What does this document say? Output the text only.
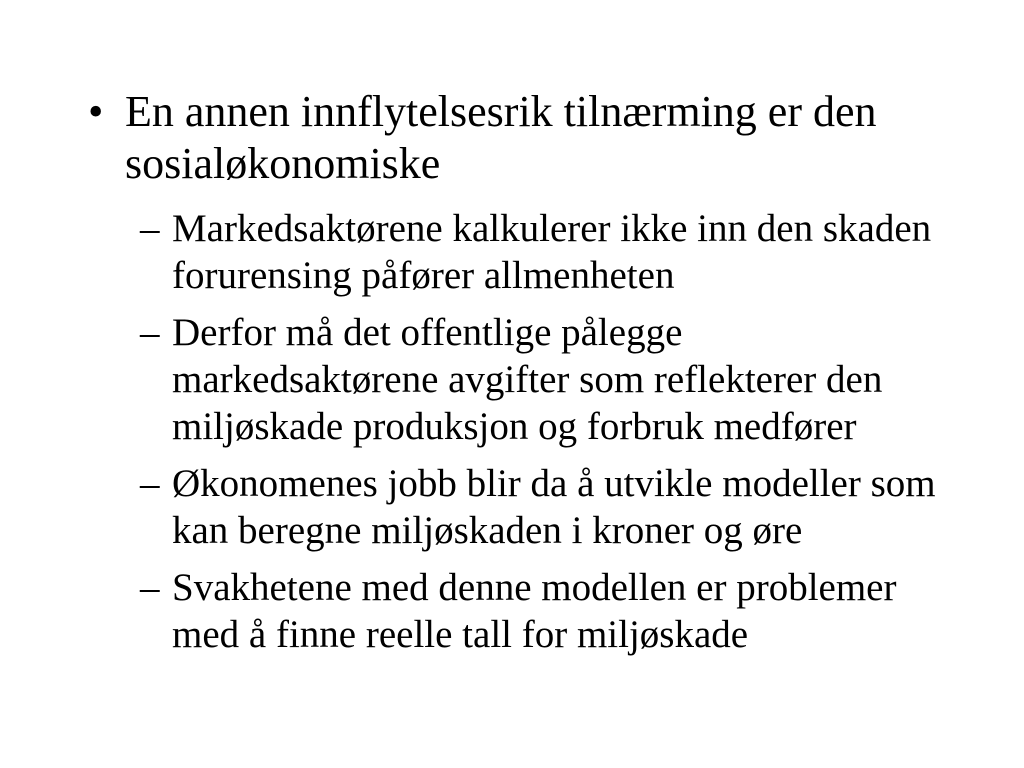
• En annen innflytelsesrik tilnærming er den sosialøkonomiske
– Markedsaktørene kalkulerer ikke inn den skaden forurensing påfører allmenheten
– Derfor må det offentlige pålegge markedsaktørene avgifter som reflekterer den miljøskade produksjon og forbruk medfører
– Økonomenes jobb blir da å utvikle modeller som kan beregne miljøskaden i kroner og øre
– Svakhetene med denne modellen er problemer med å finne reelle tall for miljøskade
